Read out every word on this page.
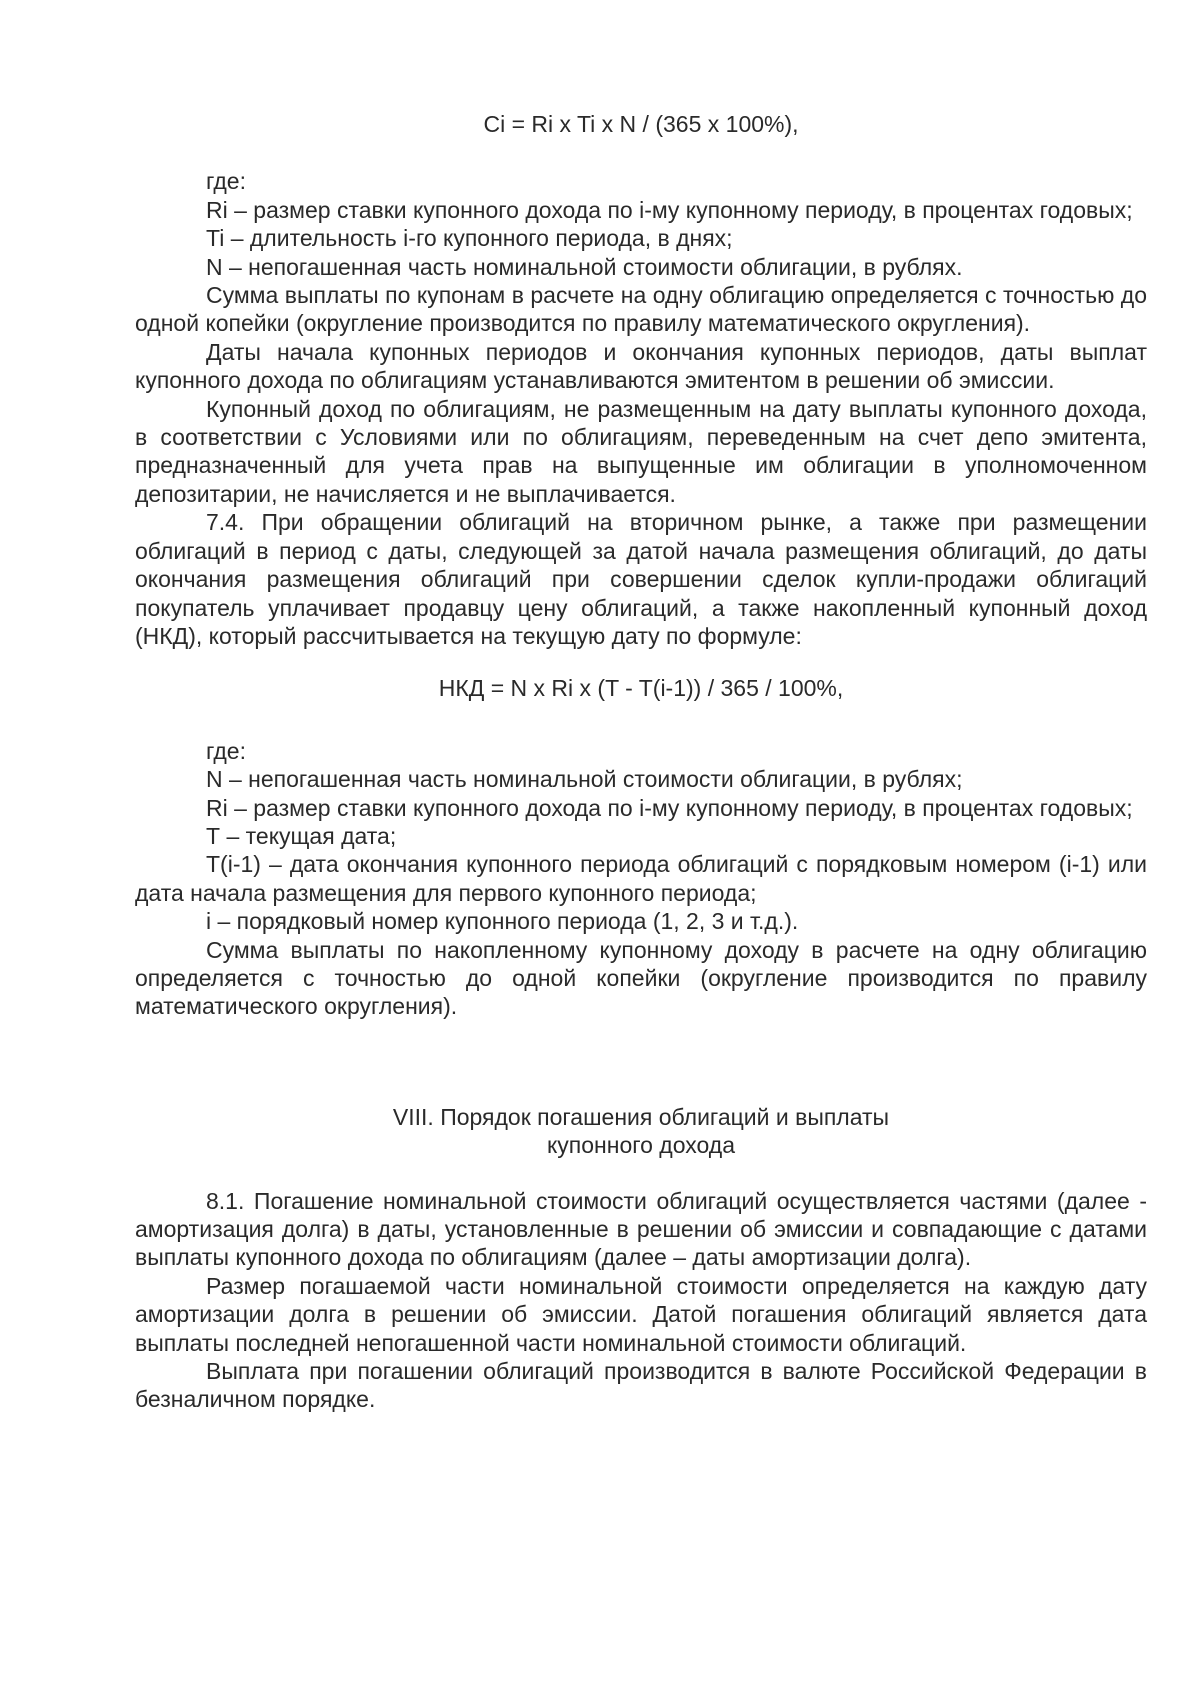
Ci = Ri x Ti x N / (365 x 100%),

где:

Ri – размер ставки купонного дохода по i-му купонному периоду, в процентах годовых;

Ti – длительность i-го купонного периода, в днях;

N – непогашенная часть номинальной стоимости облигации, в рублях.

Сумма выплаты по купонам в расчете на одну облигацию определяется с точностью до одной копейки (округление производится по правилу математического округления).

Даты начала купонных периодов и окончания купонных периодов, даты выплат купонного дохода по облигациям устанавливаются эмитентом в решении об эмиссии.

Купонный доход по облигациям, не размещенным на дату выплаты купонного дохода, в соответствии с Условиями или по облигациям, переведенным на счет депо эмитента, предназначенный для учета прав на выпущенные им облигации в уполномоченном депозитарии, не начисляется и не выплачивается.

7.4. При обращении облигаций на вторичном рынке, а также при размещении облигаций в период с даты, следующей за датой начала размещения облигаций, до даты окончания размещения облигаций при совершении сделок купли-продажи облигаций покупатель уплачивает продавцу цену облигаций, а также накопленный купонный доход (НКД), который рассчитывается на текущую дату по формуле:

НКД = N x Ri x (T - T(i-1)) / 365 / 100%,

где:

N – непогашенная часть номинальной стоимости облигации, в рублях;

Ri – размер ставки купонного дохода по i-му купонному периоду, в процентах годовых;

Т – текущая дата;

T(i-1) – дата окончания купонного периода облигаций с порядковым номером (i-1) или дата начала размещения для первого купонного периода;

i – порядковый номер купонного периода (1, 2, 3 и т.д.).

Сумма выплаты по накопленному купонному доходу в расчете на одну облигацию определяется с точностью до одной копейки (округление производится по правилу математического округления).

VIII. Порядок погашения облигаций и выплаты

купонного дохода

8.1. Погашение номинальной стоимости облигаций осуществляется частями (далее - амортизация долга) в даты, установленные в решении об эмиссии и совпадающие с датами выплаты купонного дохода по облигациям (далее – даты амортизации долга).

Размер погашаемой части номинальной стоимости определяется на каждую дату амортизации долга в решении об эмиссии. Датой погашения облигаций является дата выплаты последней непогашенной части номинальной стоимости облигаций.

Выплата при погашении облигаций производится в валюте Российской Федерации в безналичном порядке.
